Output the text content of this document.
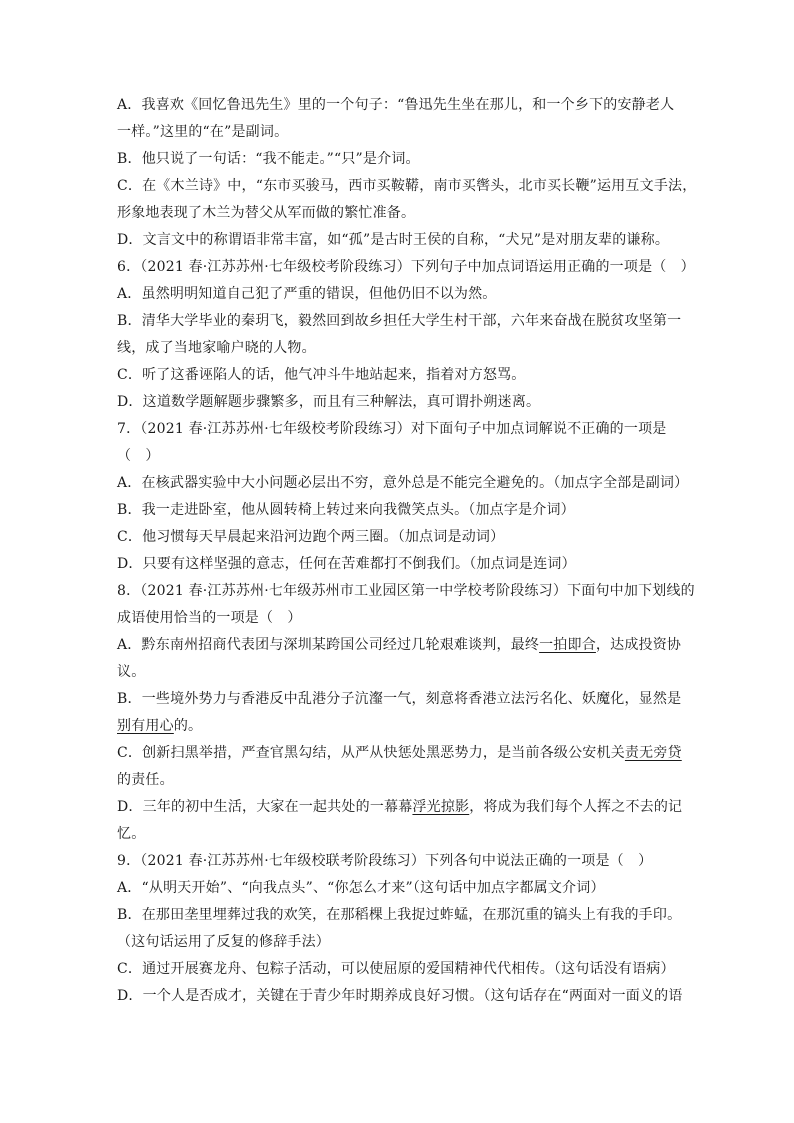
A．我喜欢《回忆鲁迅先生》里的一个句子：“鲁迅先生坐在那儿，和一个乡下的安静老人
一样。”这里的“在”是副词。
B．他只说了一句话：“我不能走。”“只”是介词。
C．在《木兰诗》中，“东市买骏马，西市买鞍鞯，南市买辔头，北市买长鞭”运用互文手法，
形象地表现了木兰为替父从军而做的繁忙准备。
D．文言文中的称谓语非常丰富，如“孤”是古时王侯的自称，“犬兄”是对朋友辈的谦称。
6．（2021 春·江苏苏州·七年级校考阶段练习）下列句子中加点词语运用正确的一项是（　）
A．虽然明明知道自己犯了严重的错误，但他仍旧不以为然。
B．清华大学毕业的秦玥飞，毅然回到故乡担任大学生村干部，六年来奋战在脱贫攻坚第一
线，成了当地家喻户晓的人物。
C．听了这番诬陷人的话，他气冲斗牛地站起来，指着对方怒骂。
D．这道数学题解题步骤繁多，而且有三种解法，真可谓扑朔迷离。
7．（2021 春·江苏苏州·七年级校考阶段练习）对下面句子中加点词解说不正确的一项是
（　）
A．在核武器实验中大小问题必层出不穷，意外总是不能完全避免的。（加点字全部是副词）
B．我一走进卧室，他从圆转椅上转过来向我微笑点头。（加点字是介词）
C．他习惯每天早晨起来沿河边跑个两三圈。（加点词是动词）
D．只要有这样坚强的意志，任何在苦难都打不倒我们。（加点词是连词）
8．（2021 春·江苏苏州·七年级苏州市工业园区第一中学校考阶段练习）下面句中加下划线的
成语使用恰当的一项是（　）
A．黔东南州招商代表团与深圳某跨国公司经过几轮艰难谈判，最终一拍即合，达成投资协
议。
B．一些境外势力与香港反中乱港分子沆瀣一气，刻意将香港立法污名化、妖魔化，显然是
别有用心的。
C．创新扫黑举措，严查官黑勾结，从严从快惩处黑恶势力，是当前各级公安机关责无旁贷
的责任。
D．三年的初中生活，大家在一起共处的一幕幕浮光掠影，将成为我们每个人挥之不去的记
忆。
9．（2021 春·江苏苏州·七年级校联考阶段练习）下列各句中说法正确的一项是（　）
A．“从明天开始”、“向我点头”、“你怎么才来”（这句话中加点字都属文介词）
B．在那田垄里埋葬过我的欢笑，在那稻棵上我捉过蚱蜢，在那沉重的镐头上有我的手印。
（这句话运用了反复的修辞手法）
C．通过开展赛龙舟、包粽子活动，可以使屈原的爱国精神代代相传。（这句话没有语病）
D．一个人是否成才，关键在于青少年时期养成良好习惯。（这句话存在“两面对一面义的语
